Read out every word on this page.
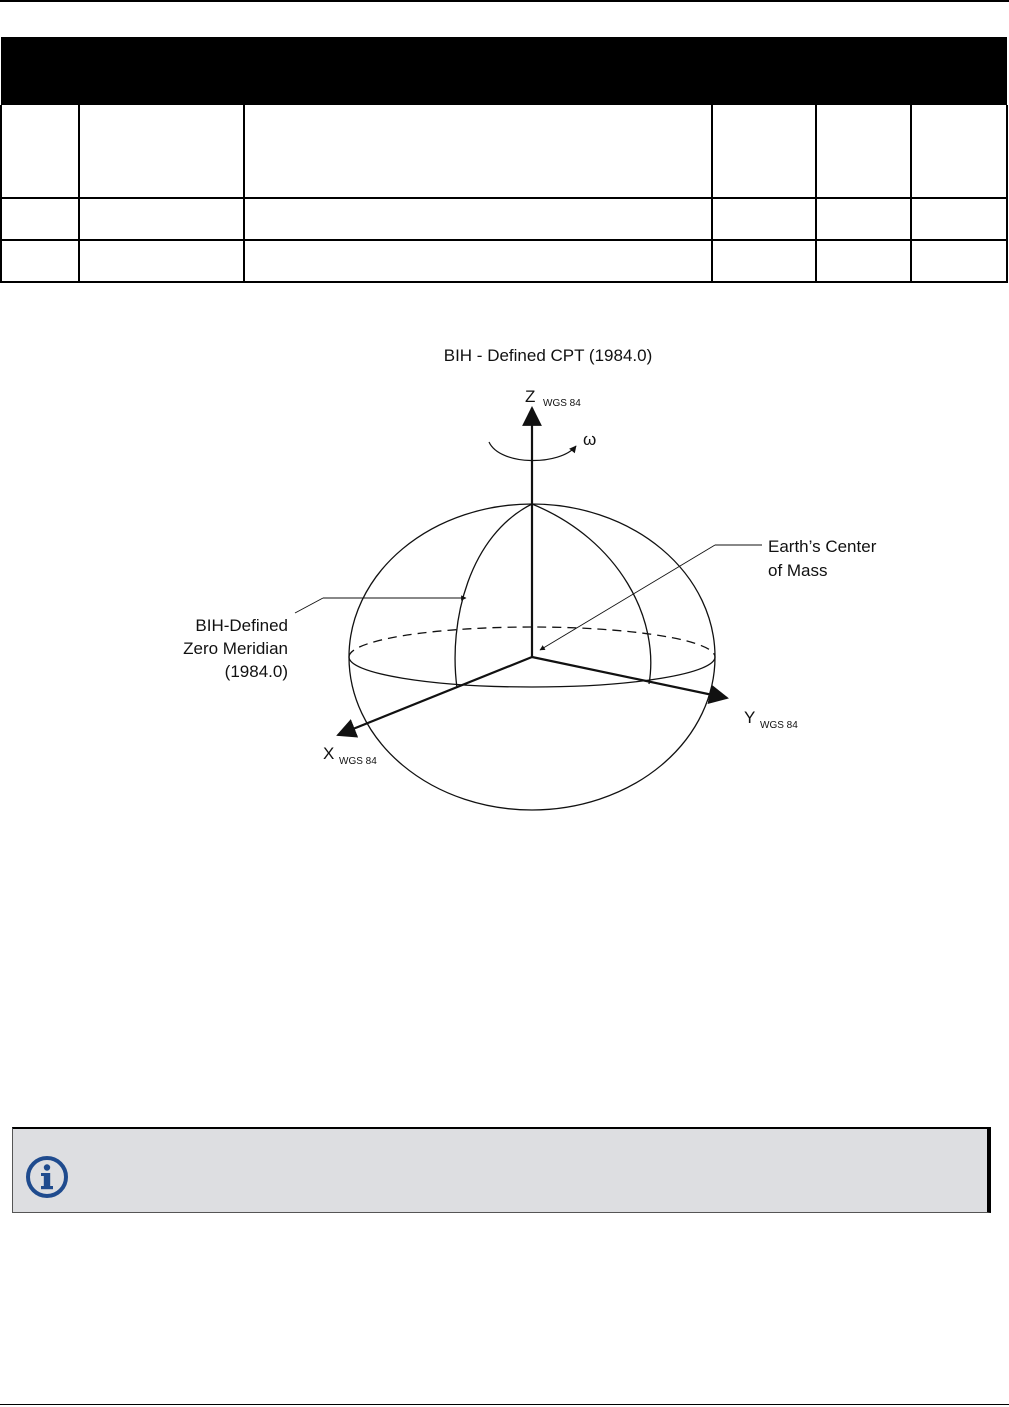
BIH - Defined CPT (1984.0)
ω
Z WGS 84
Y WGS 84
X WGS 84
Earth’s Center
of Mass
BIH-Defined
Zero Meridian
(1984.0)
